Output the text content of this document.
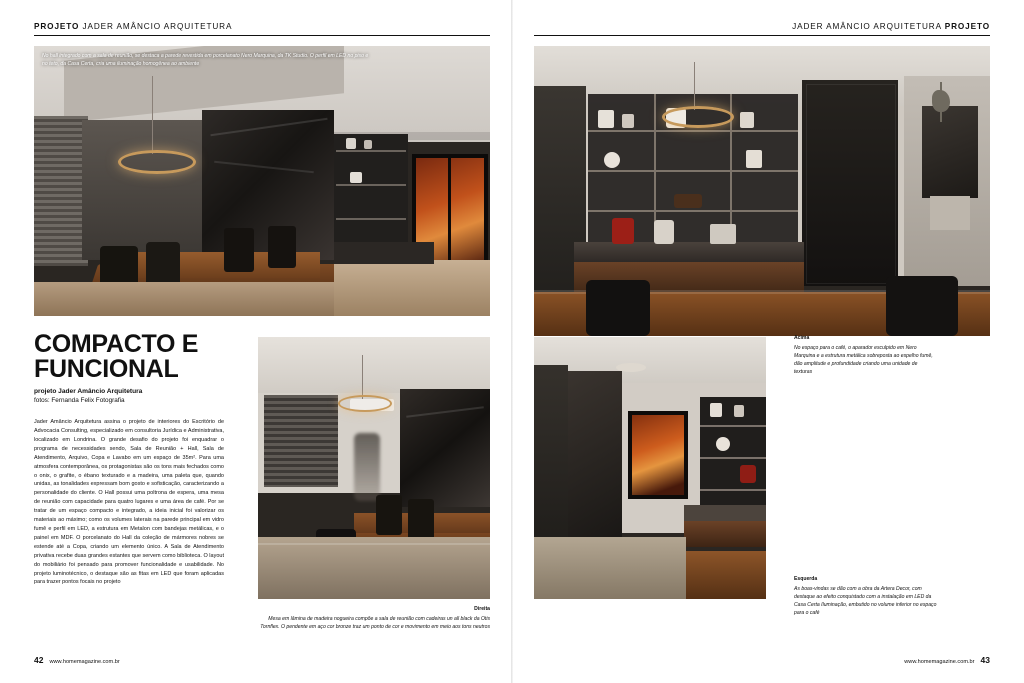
PROJETO JADER AMÂNCIO ARQUITETURA
No hall integrado com a sala de reunião, se destaca a parede revestida em porcelanato Nero Marquina, da TK Studio. O perfil em LED no piso e no teto, da Casa Certa, cria uma iluminação homogênea ao ambiente
COMPACTO E
FUNCIONAL
projeto Jader Amâncio Arquitetura
fotos: Fernanda Felix Fotografia
Jader Amâncio Arquitetura assina o projeto de interiores do Escritório de Advocacia Consulting, especializado em consultoria Jurídica e Administrativa, localizado em Londrina. O grande desafio do projeto foi enquadrar o programa de necessidades sendo, Sala de Reunião + Hall, Sala de Atendimento, Arquivo, Copa e Lavabo em um espaço de 35m². Para uma atmosfera contemporânea, os protagonistas são os tons mais fechados como o onix, o grafite, o ébano texturado e a madeira, uma paleta que, quando unidas, as tonalidades expressam bom gosto e sofisticação, caracterizando a personalidade do cliente. O Hall possui uma poltrona de espera, uma mesa de reunião com capacidade para quatro lugares e uma área de café. Por se tratar de um espaço compacto e integrado, a ideia inicial foi valorizar os materiais ao máximo; como os volumes laterais na parede principal em vidro fumê e perfil em LED, a estrutura em Metalon com bandejas metálicas, e o painel em MDF. O porcelanato do Hall da coleção de mármores nobres se estende até a Copa, criando um elemento único. A Sala de Atendimento privativa recebe duas grandes estantes que servem como biblioteca. O layout do mobiliário foi pensado para promover funcionalidade e usabilidade. No projeto luminotécnico, o destaque são as fitas em LED que foram aplicadas para trazer pontos focais no projeto
Direita
Mesa em lâmina de madeira nogueira compõe a sala de reunião com cadeiras un all black da Otis Tornflex. O pendente em aço cor bronze traz um ponto de cor e movimento em meio aos tons neutros
42 www.homemagazine.com.br
JADER AMÂNCIO ARQUITETURA PROJETO
Acima
No espaço para o café, o aparador esculpido em Nero Marquina e a estrutura metálica sobreposta ao espelho fumê, dão amplitude e profundidade criando uma unidade de texturas
Esquerda
As boas-vindas se dão com a obra da Artera Decor, com destaque ao efeito conquistado com a instalação em LED da Casa Certa Iluminação, embutido no volume inferior no espaço para o café
www.homemagazine.com.br 43
